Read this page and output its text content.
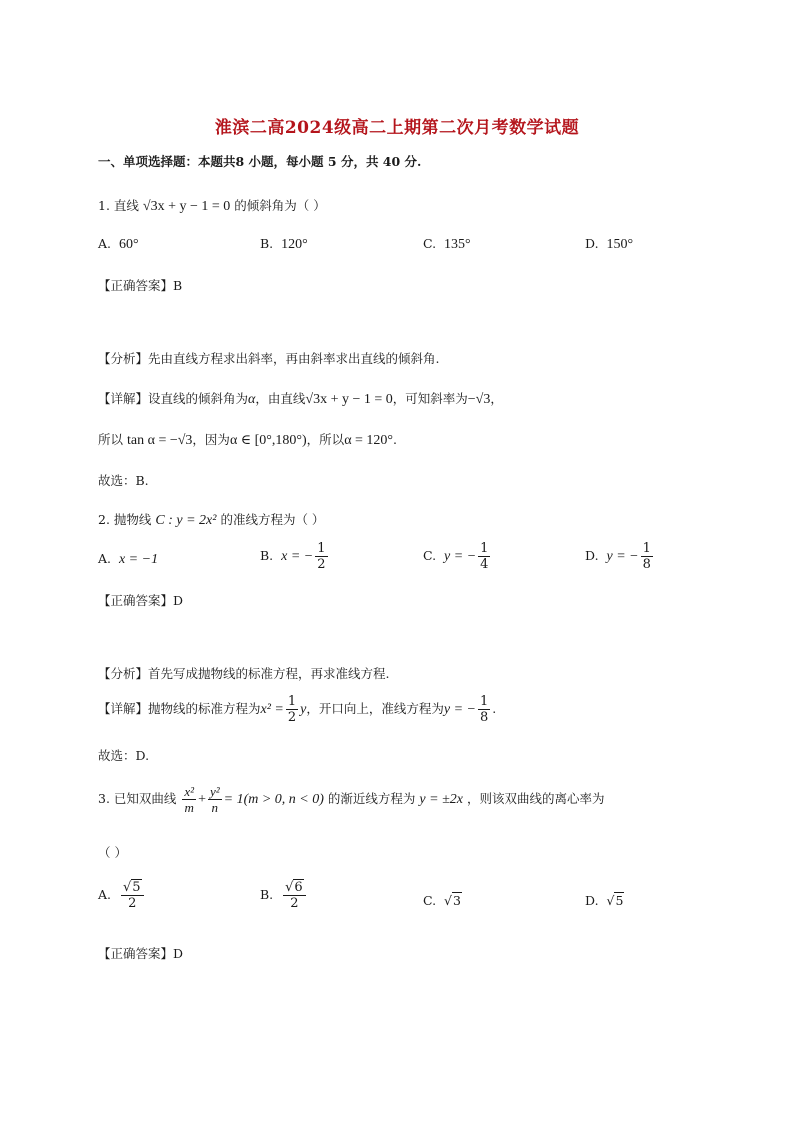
淮滨二高2024级高二上期第二次月考数学试题
一、单项选择题：本题共8 小题，每小题 5 分，共 40 分.
1. 直线 √3x + y − 1 = 0 的倾斜角为（ ）
A. 60°	B. 120°	C. 135°	D. 150°
【正确答案】B
【分析】先由直线方程求出斜率，再由斜率求出直线的倾斜角.
【详解】设直线的倾斜角为α，由直线√3x + y − 1 = 0，可知斜率为−√3，
所以 tan α = −√3，因为α ∈ [0°,180°)，所以α = 120°.
故选：B.
2. 抛物线 C : y = 2x² 的准线方程为（ ）
A. x = −1	B. x = − $\frac{1}{2}$	C. y = − $\frac{1}{4}$	D. y = − $\frac{1}{8}$
【正确答案】D
【分析】首先写成抛物线的标准方程，再求准线方程.
【详解】抛物线的标准方程为$x^2 = \frac{1}{2}$ y，开口向上，准线方程为y = − $\frac{1}{8}$ .
故选：D.
3. 已知双曲线 $\frac{\text{x²}}{m} + \frac{\text{y²}}{n} = 1(m > 0$, n < 0) 的渐近线方程为 y = ±2x ，则该双曲线的离心率为
（ ）
A. $\frac{√5}{2}$	B. $\frac{√6}{2}$	C. √3	D. √5
【正确答案】D
